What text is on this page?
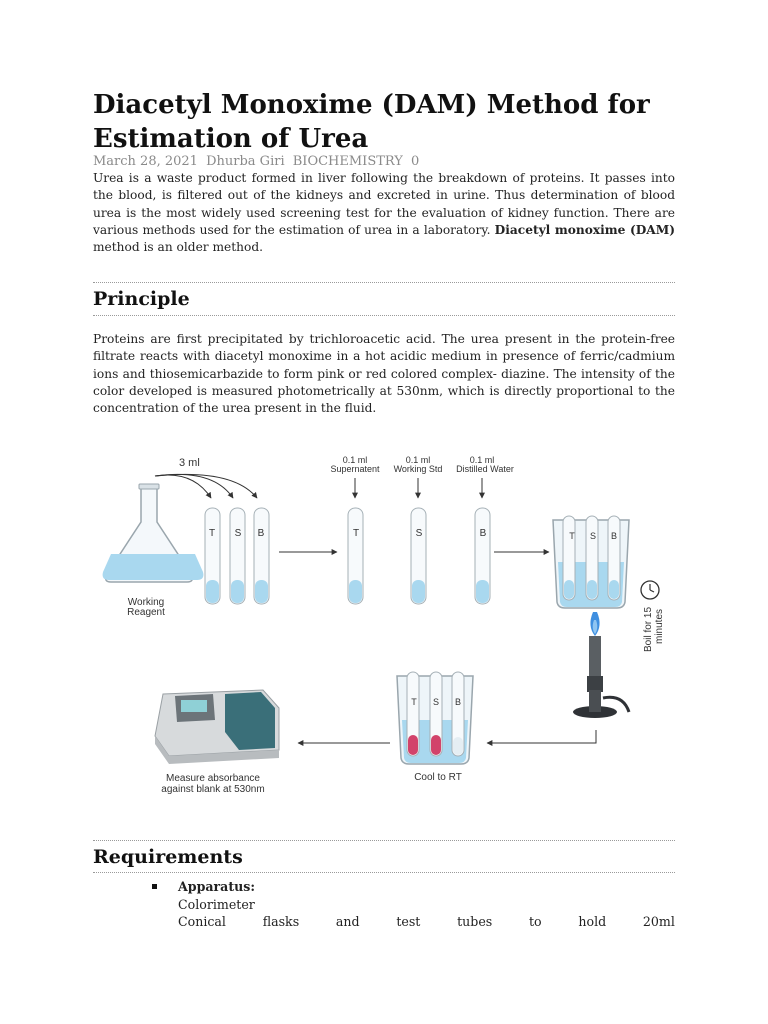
Diacetyl Monoxime (DAM) Method for Estimation of Urea
March 28, 2021 Dhurba Giri BIOCHEMISTRY 0

Urea is a waste product formed in liver following the breakdown of proteins. It passes into the blood, is filtered out of the kidneys and excreted in urine. Thus determination of blood urea is the most widely used screening test for the evaluation of kidney function. There are various methods used for the estimation of urea in a laboratory. Diacetyl monoxime (DAM) method is an older method.

Principle

Proteins are first precipitated by trichloroacetic acid. The urea present in the protein-free filtrate reacts with diacetyl monoxime in a hot acidic medium in presence of ferric/cadmium ions and thiosemicarbazide to form pink or red colored complex- diazine. The intensity of the color developed is measured photometrically at 530nm, which is directly proportional to the concentration of the urea present in the fluid.

Working
Reagent
3 ml
T S B
0.1 ml
Supernatent
0.1 ml
Working Std
0.1 ml
Distilled Water
T	S	B	T S B
Boil for 15 minutes
T S B
Cool to RT
Measure absorbance
against blank at 530nm
Requirements
Apparatus:
Colorimeter
Conical	flasks	and	test	tubes	to	hold	20ml
